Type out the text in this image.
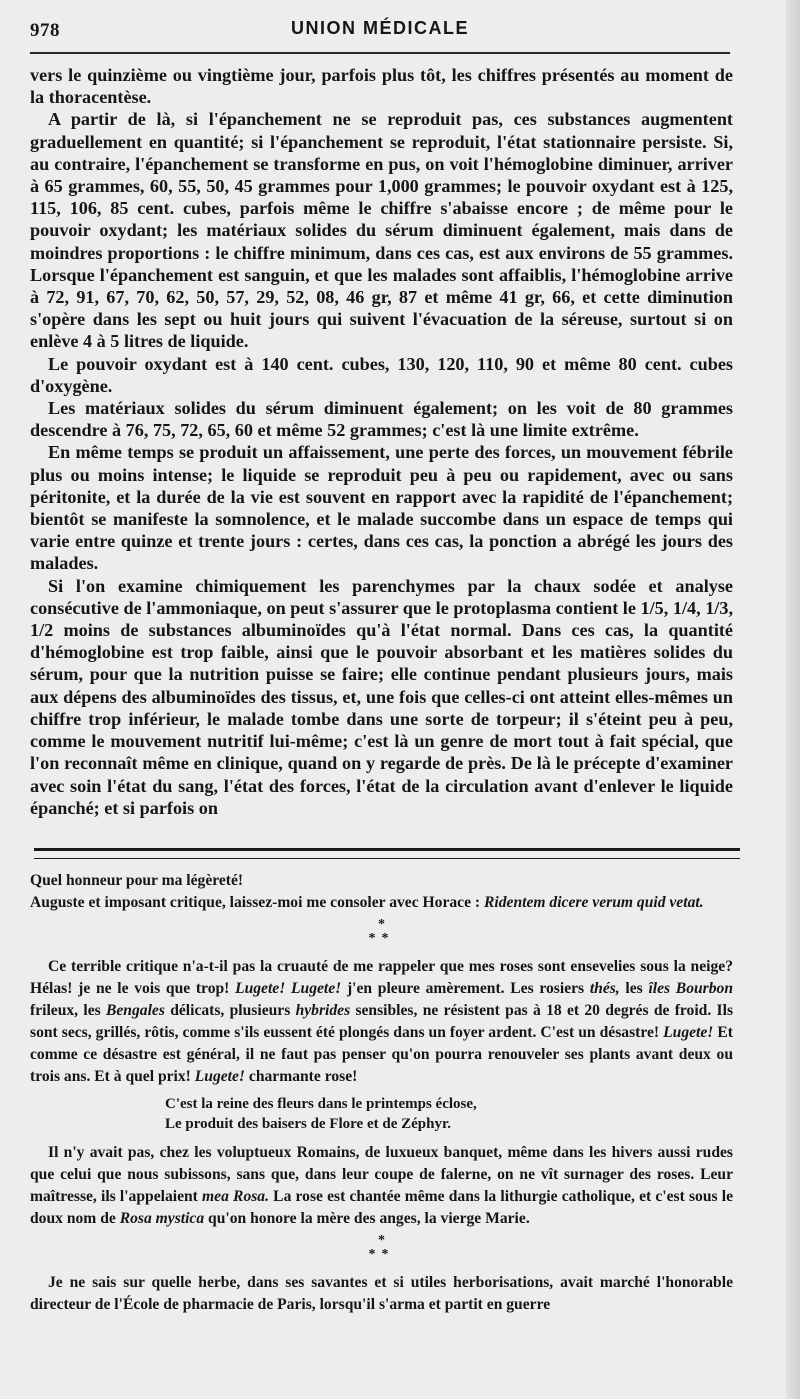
978	UNION MÉDICALE

vers le quinzième ou vingtième jour, parfois plus tôt, les chiffres présentés au moment de la thoracentèse.

A partir de là, si l'épanchement ne se reproduit pas, ces substances augmentent graduellement en quantité; si l'épanchement se reproduit, l'état stationnaire persiste. Si, au contraire, l'épanchement se transforme en pus, on voit l'hémoglobine diminuer, arriver à 65 grammes, 60, 55, 50, 45 grammes pour 1,000 grammes; le pouvoir oxydant est à 125, 115, 106, 85 cent. cubes, parfois même le chiffre s'abaisse encore ; de même pour le pouvoir oxydant; les matériaux solides du sérum diminuent également, mais dans de moindres proportions : le chiffre minimum, dans ces cas, est aux environs de 55 grammes. Lorsque l'épanchement est sanguin, et que les malades sont affaiblis, l'hémoglobine arrive à 72, 91, 67, 70, 62, 50, 57, 29, 52, 08, 46 gr, 87 et même 41 gr, 66, et cette diminution s'opère dans les sept ou huit jours qui suivent l'évacuation de la séreuse, surtout si on enlève 4 à 5 litres de liquide.

Le pouvoir oxydant est à 140 cent. cubes, 130, 120, 110, 90 et même 80 cent. cubes d'oxygène.

Les matériaux solides du sérum diminuent également; on les voit de 80 grammes descendre à 76, 75, 72, 65, 60 et même 52 grammes; c'est là une limite extrême.

En même temps se produit un affaissement, une perte des forces, un mouvement fébrile plus ou moins intense; le liquide se reproduit peu à peu ou rapidement, avec ou sans péritonite, et la durée de la vie est souvent en rapport avec la rapidité de l'épanchement; bientôt se manifeste la somnolence, et le malade succombe dans un espace de temps qui varie entre quinze et trente jours : certes, dans ces cas, la ponction a abrégé les jours des malades.

Si l'on examine chimiquement les parenchymes par la chaux sodée et analyse consécutive de l'ammoniaque, on peut s'assurer que le protoplasma contient le 1/5, 1/4, 1/3, 1/2 moins de substances albuminoïdes qu'à l'état normal. Dans ces cas, la quantité d'hémoglobine est trop faible, ainsi que le pouvoir absorbant et les matières solides du sérum, pour que la nutrition puisse se faire; elle continue pendant plusieurs jours, mais aux dépens des albuminoïdes des tissus, et, une fois que celles-ci ont atteint elles-mêmes un chiffre trop inférieur, le malade tombe dans une sorte de torpeur; il s'éteint peu à peu, comme le mouvement nutritif lui-même; c'est là un genre de mort tout à fait spécial, que l'on reconnaît même en clinique, quand on y regarde de près. De là le précepte d'examiner avec soin l'état du sang, l'état des forces, l'état de la circulation avant d'enlever le liquide épanché; et si parfois on

Quel honneur pour ma légèreté!

Auguste et imposant critique, laissez-moi me consoler avec Horace : Ridentem dicere verum quid vetat.

*
**

Ce terrible critique n'a-t-il pas la cruauté de me rappeler que mes roses sont ensevelies sous la neige? Hélas! je ne le vois que trop! Lugete! Lugete! j'en pleure amèrement. Les rosiers thés, les îles Bourbon frileux, les Bengales délicats, plusieurs hybrides sensibles, ne résistent pas à 18 et 20 degrés de froid. Ils sont secs, grillés, rôtis, comme s'ils eussent été plongés dans un foyer ardent. C'est un désastre! Lugete! Et comme ce désastre est général, il ne faut pas penser qu'on pourra renouveler ses plants avant deux ou trois ans. Et à quel prix! Lugete! charmante rose!

C'est la reine des fleurs dans le printemps éclose,
Le produit des baisers de Flore et de Zéphyr.

Il n'y avait pas, chez les voluptueux Romains, de luxueux banquet, même dans les hivers aussi rudes que celui que nous subissons, sans que, dans leur coupe de falerne, on ne vît surnager des roses. Leur maîtresse, ils l'appelaient mea Rosa. La rose est chantée même dans la lithurgie catholique, et c'est sous le doux nom de Rosa mystica qu'on honore la mère des anges, la vierge Marie.

*
**

Je ne sais sur quelle herbe, dans ses savantes et si utiles herborisations, avait marché l'honorable directeur de l'École de pharmacie de Paris, lorsqu'il s'arma et partit en guerre
